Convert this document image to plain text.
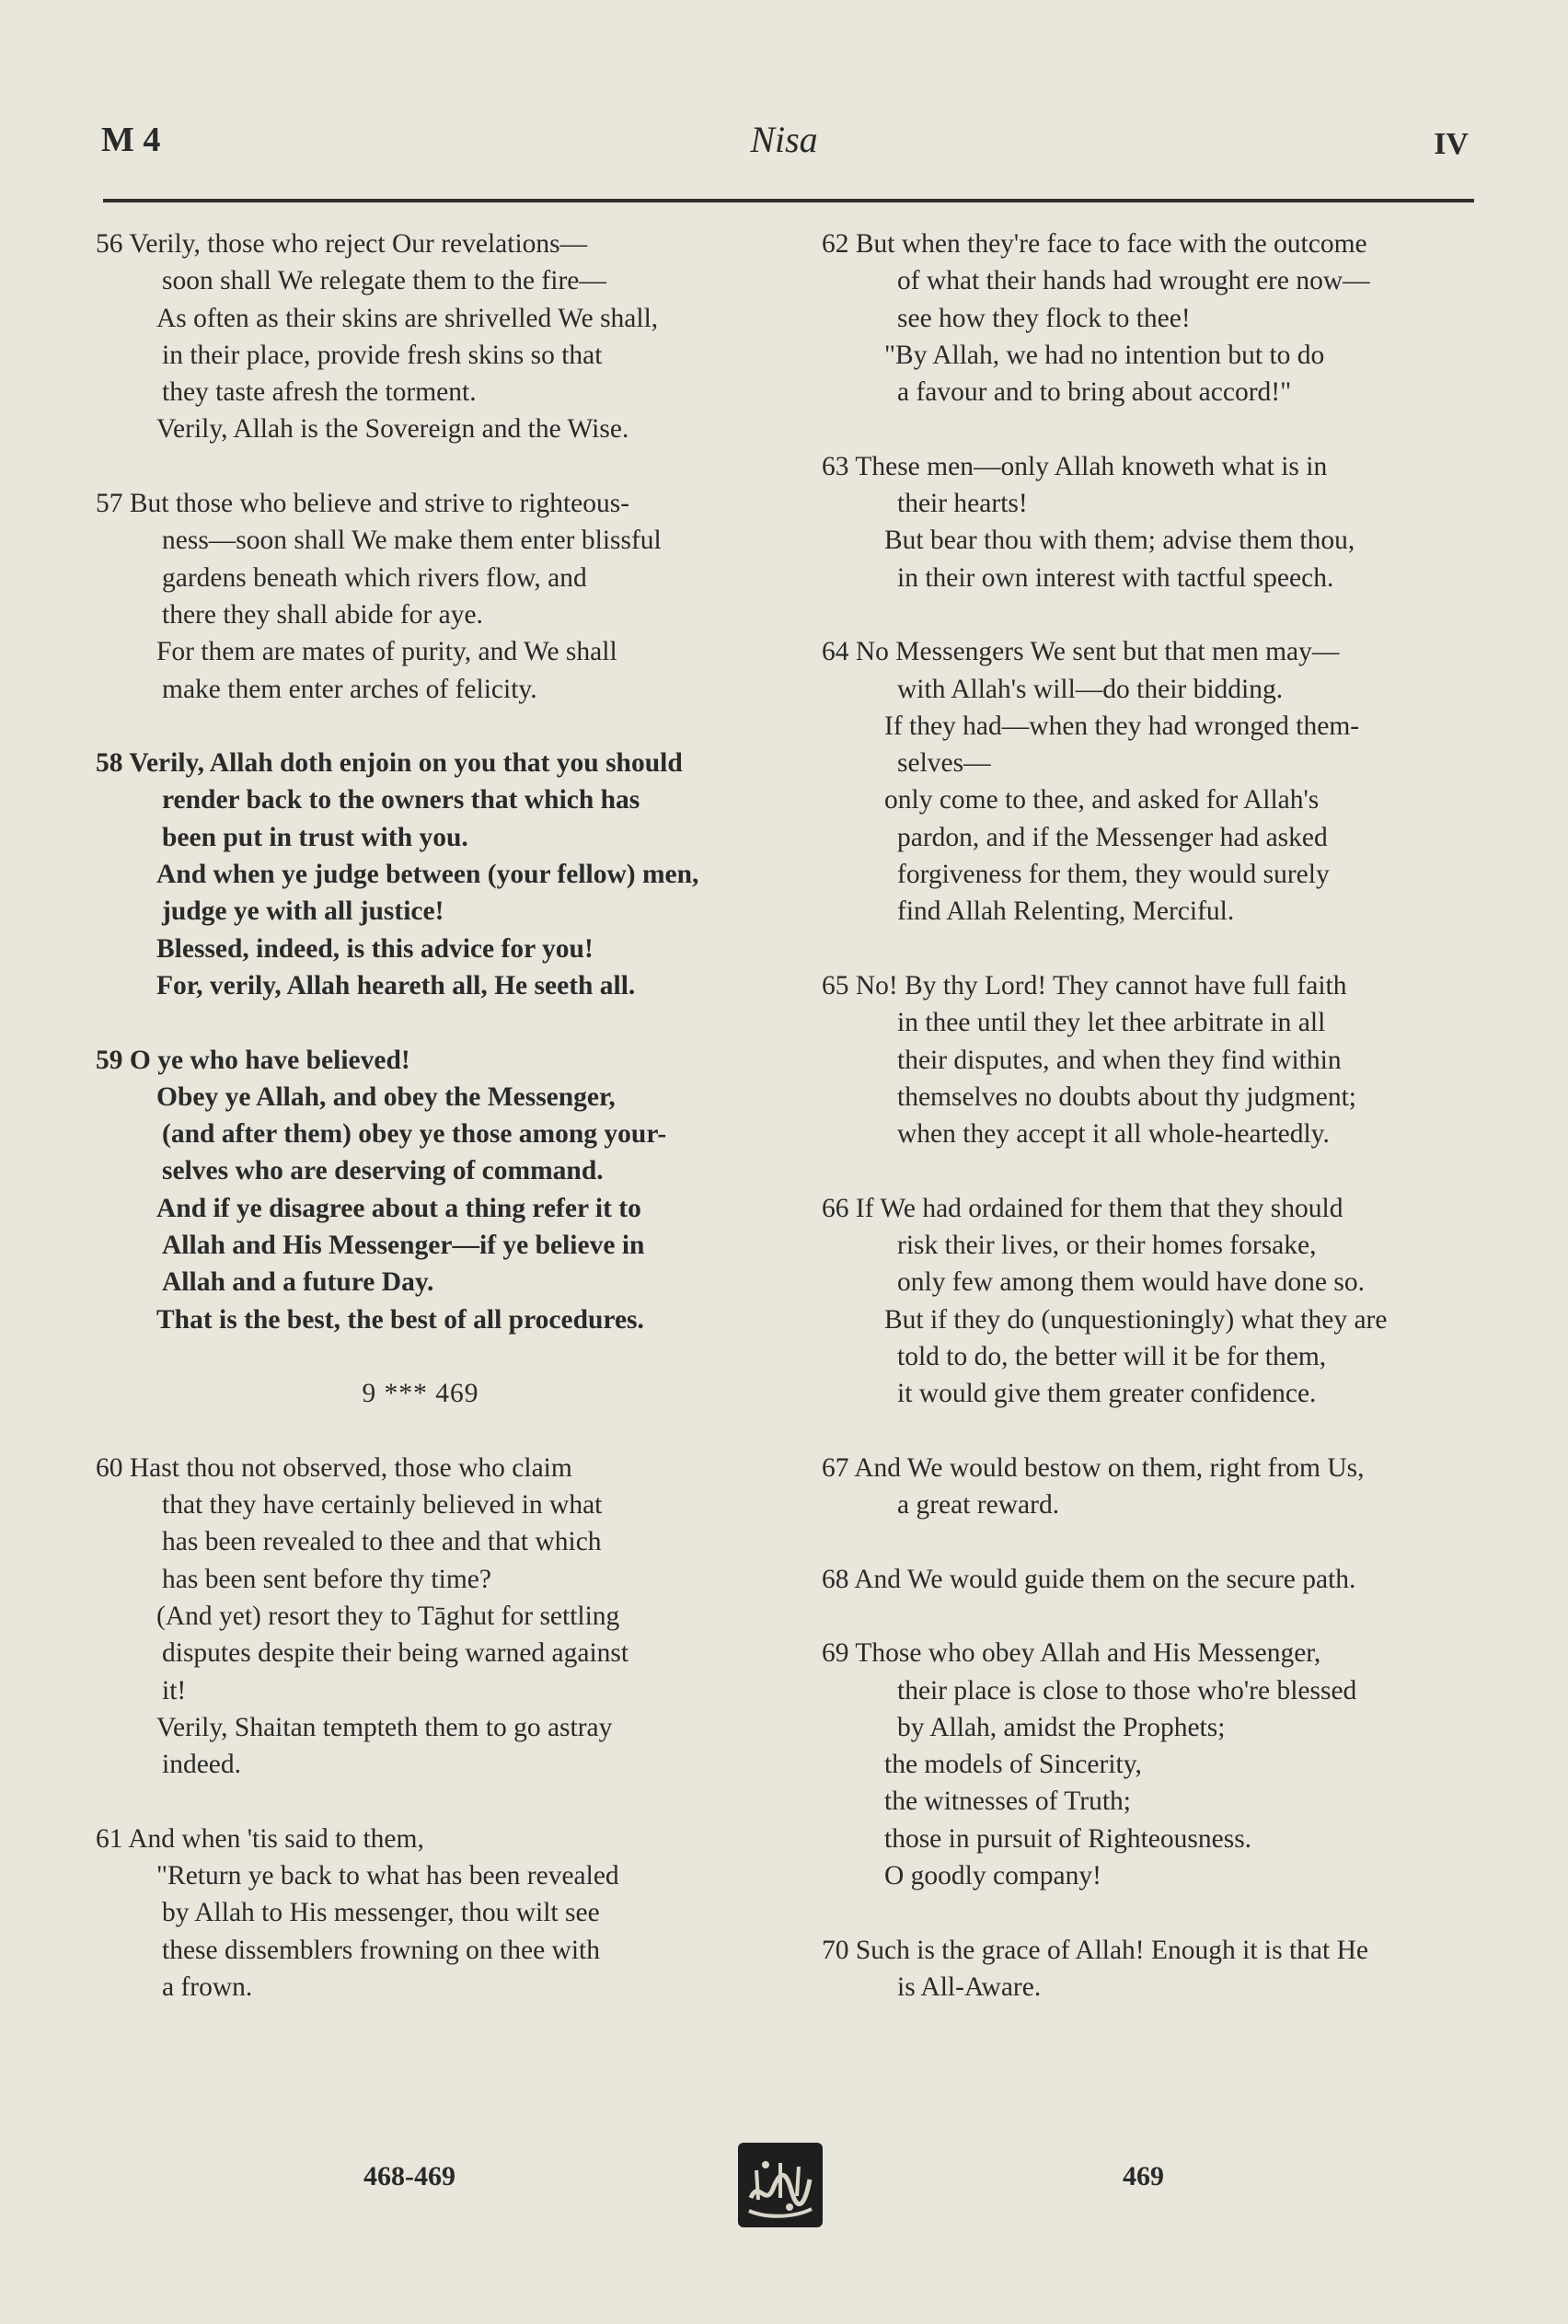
M 4	Nisa	IV
56 Verily, those who reject Our revelations—
soon shall We relegate them to the fire—
As often as their skins are shrivelled We shall,
in their place, provide fresh skins so that
they taste afresh the torment.
Verily, Allah is the Sovereign and the Wise.
57 But those who believe and strive to righteous-
ness—soon shall We make them enter blissful
gardens beneath which rivers flow, and
there they shall abide for aye.
For them are mates of purity, and We shall
make them enter arches of felicity.
58 Verily, Allah doth enjoin on you that you should
render back to the owners that which has
been put in trust with you.
And when ye judge between (your fellow) men,
judge ye with all justice!
Blessed, indeed, is this advice for you!
For, verily, Allah heareth all, He seeth all.
59 O ye who have believed!
Obey ye Allah, and obey the Messenger,
(and after them) obey ye those among your-
selves who are deserving of command.
And if ye disagree about a thing refer it to
Allah and His Messenger—if ye believe in
Allah and a future Day.
That is the best, the best of all procedures.
9 *** 469
60 Hast thou not observed, those who claim
that they have certainly believed in what
has been revealed to thee and that which
has been sent before thy time?
(And yet) resort they to Tāghut for settling
disputes despite their being warned against
it!
Verily, Shaitan tempteth them to go astray
indeed.
61 And when 'tis said to them,
"Return ye back to what has been revealed
by Allah to His messenger, thou wilt see
these dissemblers frowning on thee with
a frown.
62 But when they're face to face with the outcome
of what their hands had wrought ere now—
see how they flock to thee!
"By Allah, we had no intention but to do
a favour and to bring about accord!"
63 These men—only Allah knoweth what is in
their hearts!
But bear thou with them; advise them thou,
in their own interest with tactful speech.
64 No Messengers We sent but that men may—
with Allah's will—do their bidding.
If they had—when they had wronged them-
selves—
only come to thee, and asked for Allah's
pardon, and if the Messenger had asked
forgiveness for them, they would surely
find Allah Relenting, Merciful.
65 No! By thy Lord! They cannot have full faith
in thee until they let thee arbitrate in all
their disputes, and when they find within
themselves no doubts about thy judgment;
when they accept it all whole-heartedly.
66 If We had ordained for them that they should
risk their lives, or their homes forsake,
only few among them would have done so.
But if they do (unquestioningly) what they are
told to do, the better will it be for them,
it would give them greater confidence.
67 And We would bestow on them, right from Us,
a great reward.
68 And We would guide them on the secure path.
69 Those who obey Allah and His Messenger,
their place is close to those who're blessed
by Allah, amidst the Prophets;
the models of Sincerity,
the witnesses of Truth;
those in pursuit of Righteousness.
O goodly company!
70 Such is the grace of Allah! Enough it is that He
is All-Aware.
468-469	469
